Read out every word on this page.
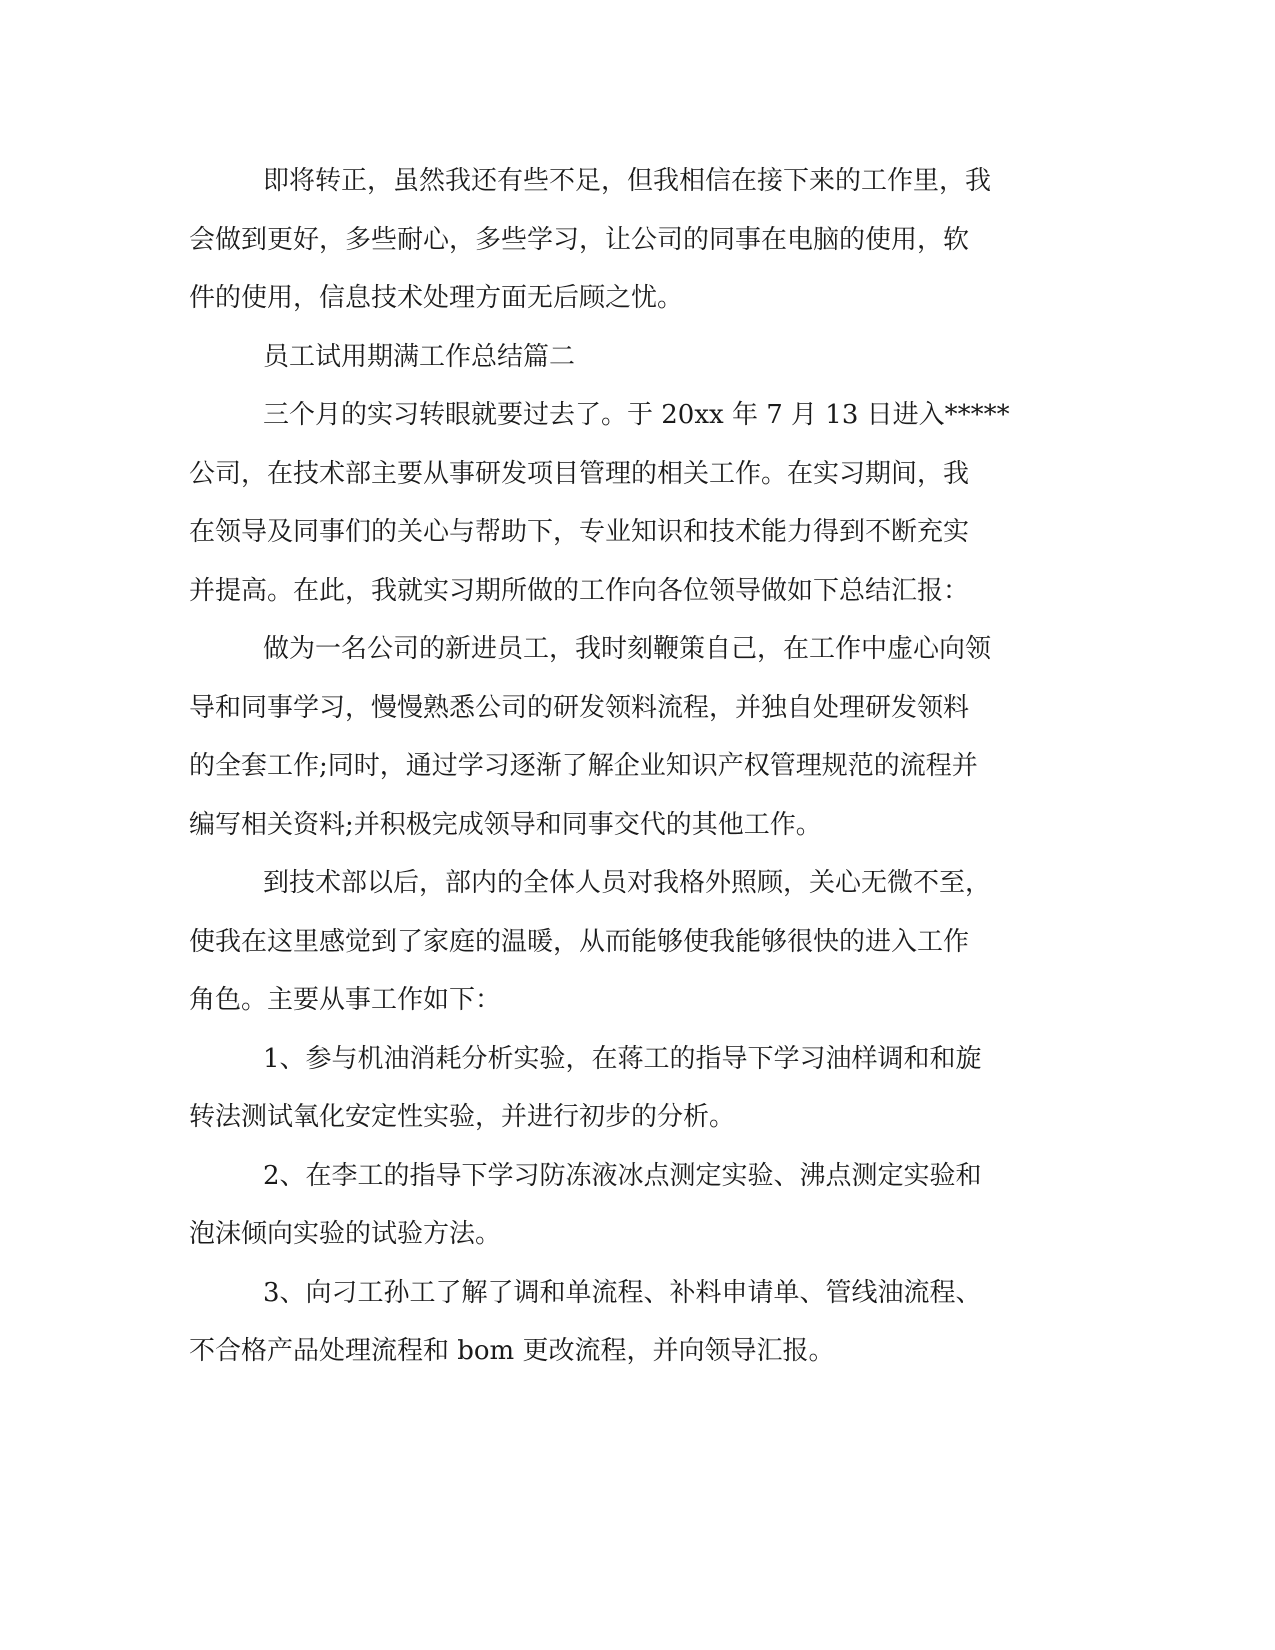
即将转正，虽然我还有些不足，但我相信在接下来的工作里，我

会做到更好，多些耐心，多些学习，让公司的同事在电脑的使用，软

件的使用，信息技术处理方面无后顾之忧。

员工试用期满工作总结篇二

三个月的实习转眼就要过去了。于 20xx 年 7 月 13 日进入*****

公司，在技术部主要从事研发项目管理的相关工作。在实习期间，我

在领导及同事们的关心与帮助下，专业知识和技术能力得到不断充实

并提高。在此，我就实习期所做的工作向各位领导做如下总结汇报：

做为一名公司的新进员工，我时刻鞭策自己，在工作中虚心向领

导和同事学习，慢慢熟悉公司的研发领料流程，并独自处理研发领料

的全套工作;同时，通过学习逐渐了解企业知识产权管理规范的流程并

编写相关资料;并积极完成领导和同事交代的其他工作。

到技术部以后，部内的全体人员对我格外照顾，关心无微不至，

使我在这里感觉到了家庭的温暖，从而能够使我能够很快的进入工作

角色。主要从事工作如下：

1、参与机油消耗分析实验，在蒋工的指导下学习油样调和和旋

转法测试氧化安定性实验，并进行初步的分析。

2、在李工的指导下学习防冻液冰点测定实验、沸点测定实验和

泡沫倾向实验的试验方法。

3、向刁工孙工了解了调和单流程、补料申请单、管线油流程、

不合格产品处理流程和 bom 更改流程，并向领导汇报。
